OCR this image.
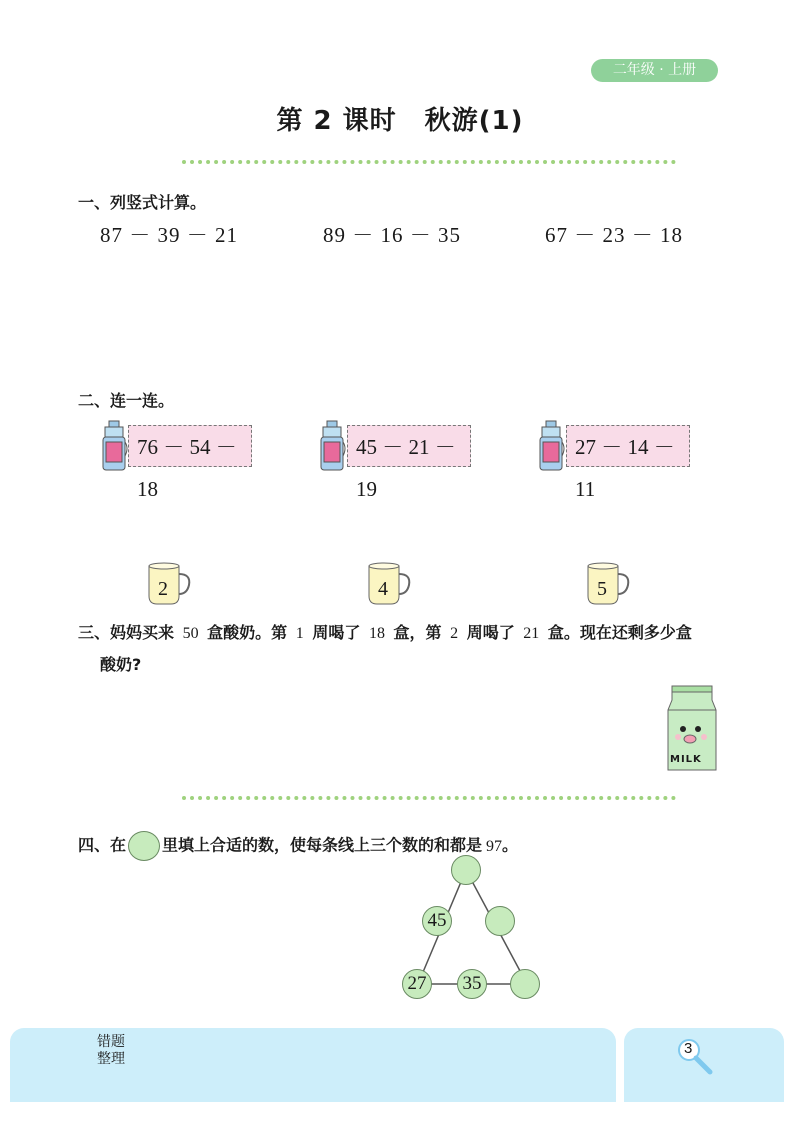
二年级 · 上册
第 2 课时 秋游(1)
基础演练
一、列竖式计算。
87 － 39 － 21	89 － 16 － 35	67 － 23 － 18
二、连一连。
76 － 54 － 18
45 － 21 － 19
27 － 14 － 11
2	4	5
三、妈妈买来 50 盒酸奶。第 1 周喝了 18 盒，第 2 周喝了 21 盒。现在还剩多少盒
酸奶?
MILK
综合闯关
四、在 里填上合适的数，使每条线上三个数的和都是 97。
45
27 35
错题
整理
3
